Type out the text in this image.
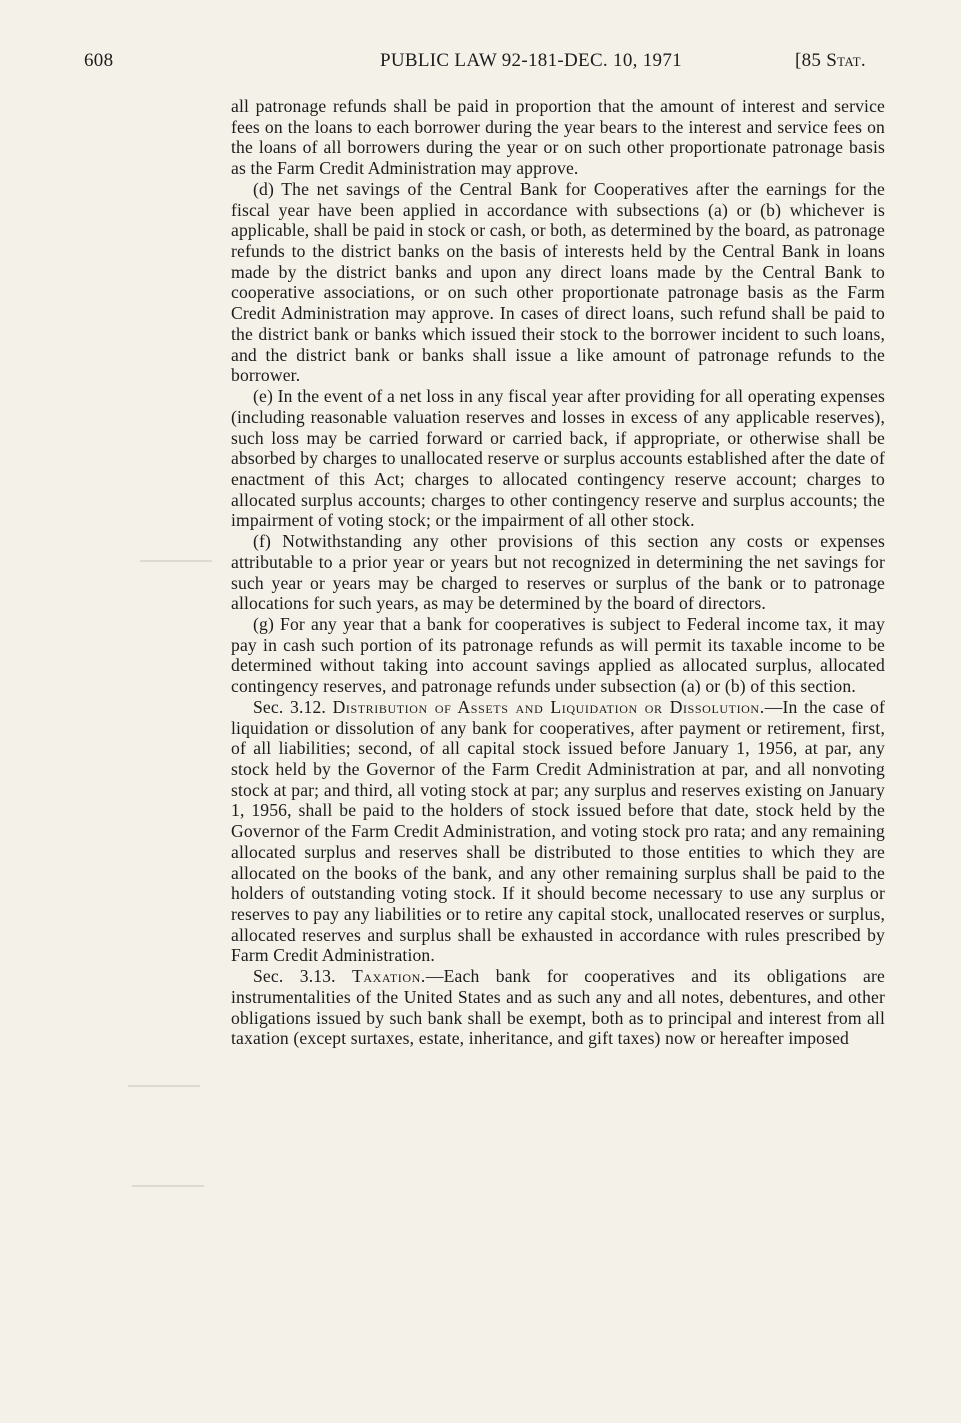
608	PUBLIC LAW 92-181-DEC. 10, 1971	[85 Stat.

all patronage refunds shall be paid in proportion that the amount of interest and service fees on the loans to each borrower during the year bears to the interest and service fees on the loans of all borrowers during the year or on such other proportionate patronage basis as the Farm Credit Administration may approve.

(d) The net savings of the Central Bank for Cooperatives after the earnings for the fiscal year have been applied in accordance with subsections (a) or (b) whichever is applicable, shall be paid in stock or cash, or both, as determined by the board, as patronage refunds to the district banks on the basis of interests held by the Central Bank in loans made by the district banks and upon any direct loans made by the Central Bank to cooperative associations, or on such other proportionate patronage basis as the Farm Credit Administration may approve. In cases of direct loans, such refund shall be paid to the district bank or banks which issued their stock to the borrower incident to such loans, and the district bank or banks shall issue a like amount of patronage refunds to the borrower.

(e) In the event of a net loss in any fiscal year after providing for all operating expenses (including reasonable valuation reserves and losses in excess of any applicable reserves), such loss may be carried forward or carried back, if appropriate, or otherwise shall be absorbed by charges to unallocated reserve or surplus accounts established after the date of enactment of this Act; charges to allocated contingency reserve account; charges to allocated surplus accounts; charges to other contingency reserve and surplus accounts; the impairment of voting stock; or the impairment of all other stock.

(f) Notwithstanding any other provisions of this section any costs or expenses attributable to a prior year or years but not recognized in determining the net savings for such year or years may be charged to reserves or surplus of the bank or to patronage allocations for such years, as may be determined by the board of directors.

(g) For any year that a bank for cooperatives is subject to Federal income tax, it may pay in cash such portion of its patronage refunds as will permit its taxable income to be determined without taking into account savings applied as allocated surplus, allocated contingency reserves, and patronage refunds under subsection (a) or (b) of this section.

Sec. 3.12. Distribution of Assets and Liquidation or Dissolution.—In the case of liquidation or dissolution of any bank for cooperatives, after payment or retirement, first, of all liabilities; second, of all capital stock issued before January 1, 1956, at par, any stock held by the Governor of the Farm Credit Administration at par, and all nonvoting stock at par; and third, all voting stock at par; any surplus and reserves existing on January 1, 1956, shall be paid to the holders of stock issued before that date, stock held by the Governor of the Farm Credit Administration, and voting stock pro rata; and any remaining allocated surplus and reserves shall be distributed to those entities to which they are allocated on the books of the bank, and any other remaining surplus shall be paid to the holders of outstanding voting stock. If it should become necessary to use any surplus or reserves to pay any liabilities or to retire any capital stock, unallocated reserves or surplus, allocated reserves and surplus shall be exhausted in accordance with rules prescribed by Farm Credit Administration.

Sec. 3.13. Taxation.—Each bank for cooperatives and its obligations are instrumentalities of the United States and as such any and all notes, debentures, and other obligations issued by such bank shall be exempt, both as to principal and interest from all taxation (except surtaxes, estate, inheritance, and gift taxes) now or hereafter imposed
